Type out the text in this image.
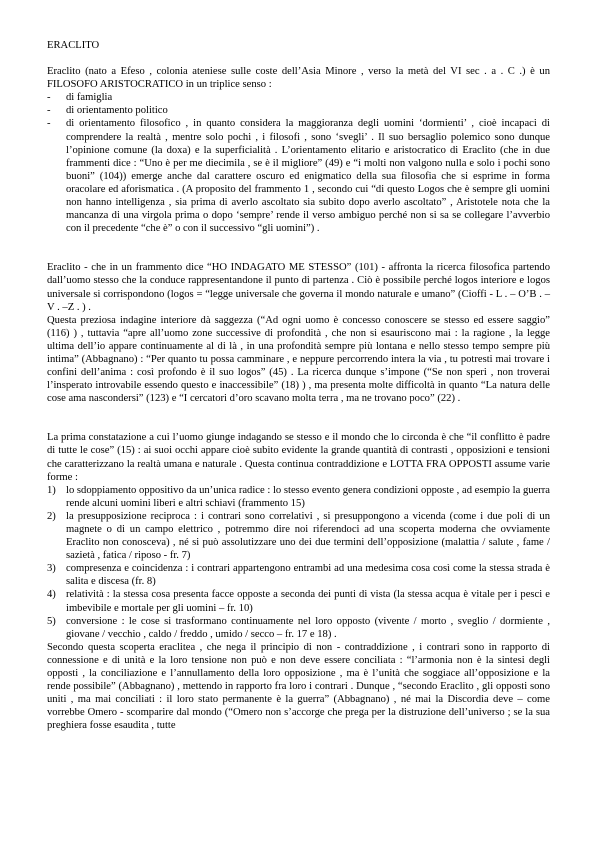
ERACLITO

Eraclito (nato a Efeso , colonia ateniese sulle coste dell’Asia Minore , verso la metà del VI sec . a . C .) è un FILOSOFO ARISTOCRATICO in un triplice senso :

- di famiglia
- di orientamento politico
- di orientamento filosofico , in quanto considera la maggioranza degli uomini ‘dormienti’ , cioè incapaci di comprendere la realtà , mentre solo pochi , i filosofi , sono ‘svegli’ . Il suo bersaglio polemico sono dunque l’opinione comune (la doxa) e la superficialità . L’orientamento elitario e aristocratico di Eraclito (che in due frammenti dice : “Uno è per me diecimila , se è il migliore” (49) e “i molti non valgono nulla e solo i pochi sono buoni” (104)) emerge anche dal carattere oscuro ed enigmatico della sua filosofia che si esprime in forma oracolare ed aforismatica . (A proposito del frammento 1 , secondo cui “di questo Logos che è sempre gli uomini non hanno intelligenza , sia prima di averlo ascoltato sia subito dopo averlo ascoltato” , Aristotele nota che la mancanza di una virgola prima o dopo ‘sempre’ rende il verso ambiguo perché non si sa se collegare l’avverbio con il precedente “che è” o con il successivo “gli uomini”) .

Eraclito - che in un frammento dice “HO INDAGATO ME STESSO” (101) - affronta la ricerca filosofica partendo dall’uomo stesso che la conduce rappresentandone il punto di partenza . Ciò è possibile perché logos interiore e logos universale si corrispondono (logos = “legge universale che governa il mondo naturale e umano” (Cioffi - L . – O’B . – V . –Z . ) .

Questa preziosa indagine interiore dà saggezza (“Ad ogni uomo è concesso conoscere se stesso ed essere saggio” (116) ) , tuttavia “apre all’uomo zone successive di profondità , che non si esauriscono mai : la ragione , la legge ultima dell’io appare continuamente al di là , in una profondità sempre più lontana e nello stesso tempo sempre più intima” (Abbagnano) : “Per quanto tu possa camminare , e neppure percorrendo intera la via , tu potresti mai trovare i confini dell’anima : così profondo è il suo logos” (45) . La ricerca dunque s’impone (“Se non speri , non troverai l’insperato introvabile essendo questo e inaccessibile” (18) ) , ma presenta molte difficoltà in quanto “La natura delle cose ama nascondersi” (123) e “I cercatori d’oro scavano molta terra , ma ne trovano poco” (22) .

La prima constatazione a cui l’uomo giunge indagando se stesso e il mondo che lo circonda è che “il conflitto è padre di tutte le cose” (15) : ai suoi occhi appare cioè subito evidente la grande quantità di contrasti , opposizioni e tensioni che caratterizzano la realtà umana e naturale . Questa continua contraddizione e LOTTA FRA OPPOSTI assume varie forme :

1) lo sdoppiamento oppositivo da un’unica radice : lo stesso evento genera condizioni opposte , ad esempio la guerra rende alcuni uomini liberi e altri schiavi (frammento 15)
2) la presupposizione reciproca : i contrari sono correlativi , si presuppongono a vicenda (come i due poli di un magnete o di un campo elettrico , potremmo dire noi riferendoci ad una scoperta moderna che ovviamente Eraclito non conosceva) , né si può assolutizzare uno dei due termini dell’opposizione (malattia / salute , fame / sazietà , fatica / riposo - fr. 7)
3) compresenza e coincidenza : i contrari appartengono entrambi ad una medesima cosa così come la stessa strada è salita e discesa (fr. 8)
4) relatività : la stessa cosa presenta facce opposte a seconda dei punti di vista (la stessa acqua è vitale per i pesci e imbevibile e mortale per gli uomini – fr. 10)
5) conversione : le cose si trasformano continuamente nel loro opposto (vivente / morto , sveglio / dormiente , giovane / vecchio , caldo / freddo , umido / secco – fr. 17 e 18) .

Secondo questa scoperta eraclitea , che nega il principio di non - contraddizione , i contrari sono in rapporto di connessione e di unità e la loro tensione non può e non deve essere conciliata : “l’armonia non è la sintesi degli opposti , la conciliazione e l’annullamento della loro opposizione , ma è l’unità che soggiace all’opposizione e la rende possibile” (Abbagnano) , mettendo in rapporto fra loro i contrari . Dunque , “secondo Eraclito , gli opposti sono uniti , ma mai conciliati : il loro stato permanente è la guerra” (Abbagnano) , né mai la Discordia deve – come vorrebbe Omero - scomparire dal mondo (“Omero non s’accorge che prega per la distruzione dell’universo ; se la sua preghiera fosse esaudita , tutte
